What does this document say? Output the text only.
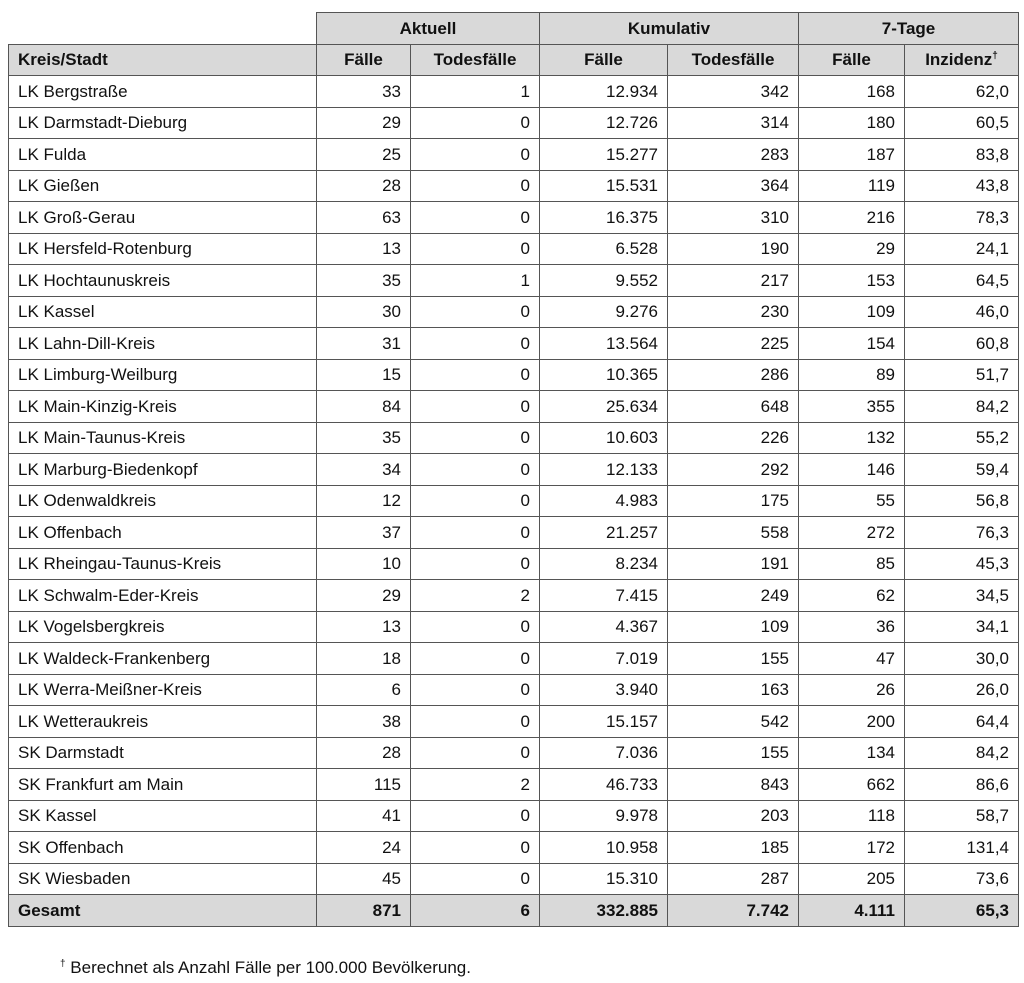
	Aktuell		Kumulativ		7-Tage	
Kreis/Stadt	Fälle	Todesfälle	Fälle	Todesfälle	Fälle	Inzidenz†
LK Bergstraße	33	1	12.934	342	168	62,0
LK Darmstadt-Dieburg	29	0	12.726	314	180	60,5
LK Fulda	25	0	15.277	283	187	83,8
LK Gießen	28	0	15.531	364	119	43,8
LK Groß-Gerau	63	0	16.375	310	216	78,3
LK Hersfeld-Rotenburg	13	0	6.528	190	29	24,1
LK Hochtaunuskreis	35	1	9.552	217	153	64,5
LK Kassel	30	0	9.276	230	109	46,0
LK Lahn-Dill-Kreis	31	0	13.564	225	154	60,8
LK Limburg-Weilburg	15	0	10.365	286	89	51,7
LK Main-Kinzig-Kreis	84	0	25.634	648	355	84,2
LK Main-Taunus-Kreis	35	0	10.603	226	132	55,2
LK Marburg-Biedenkopf	34	0	12.133	292	146	59,4
LK Odenwaldkreis	12	0	4.983	175	55	56,8
LK Offenbach	37	0	21.257	558	272	76,3
LK Rheingau-Taunus-Kreis	10	0	8.234	191	85	45,3
LK Schwalm-Eder-Kreis	29	2	7.415	249	62	34,5
LK Vogelsbergkreis	13	0	4.367	109	36	34,1
LK Waldeck-Frankenberg	18	0	7.019	155	47	30,0
LK Werra-Meißner-Kreis	6	0	3.940	163	26	26,0
LK Wetteraukreis	38	0	15.157	542	200	64,4
SK Darmstadt	28	0	7.036	155	134	84,2
SK Frankfurt am Main	115	2	46.733	843	662	86,6
SK Kassel	41	0	9.978	203	118	58,7
SK Offenbach	24	0	10.958	185	172	131,4
SK Wiesbaden	45	0	15.310	287	205	73,6
Gesamt	871	6	332.885	7.742	4.111	65,3
† Berechnet als Anzahl Fälle per 100.000 Bevölkerung.
